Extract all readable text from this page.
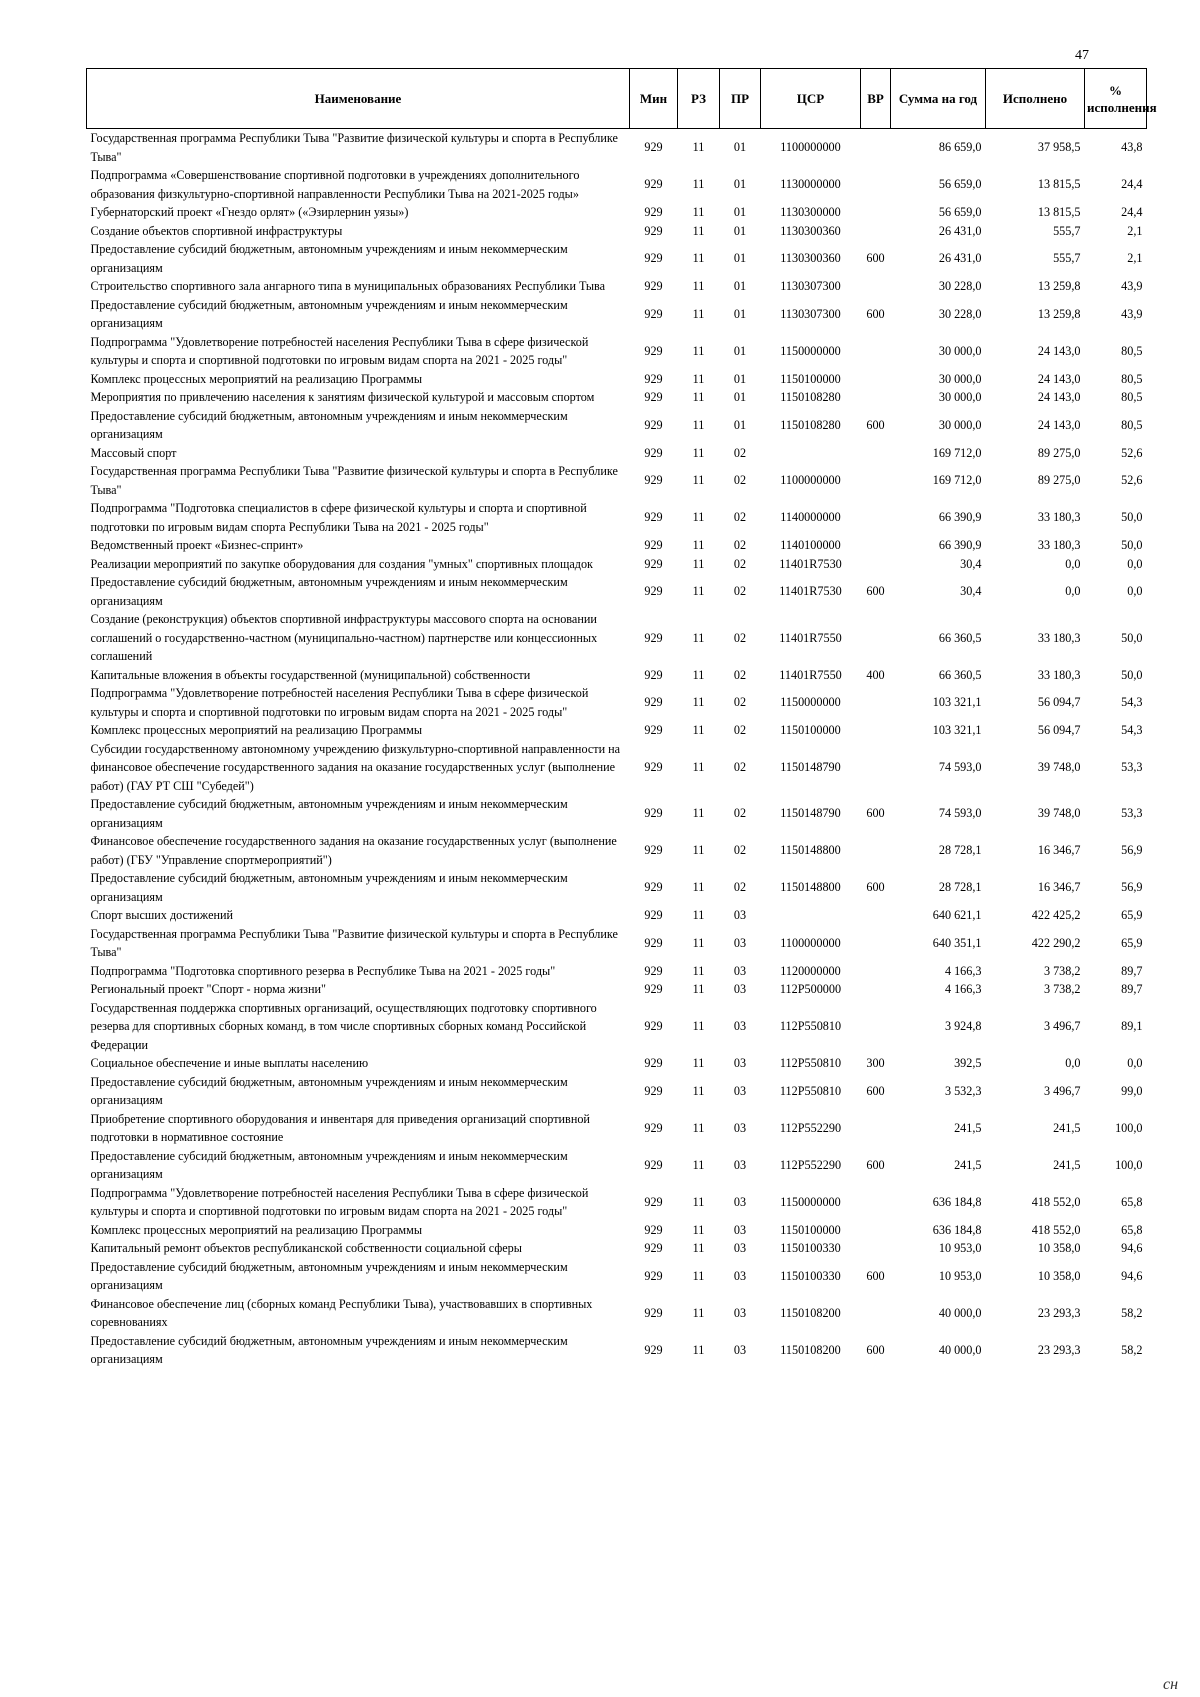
47
Наименование	Мин	РЗ	ПР	ЦСР	ВР	Сумма на год	Исполнено	% исполнения
Государственная программа Республики Тыва "Развитие физической культуры и спорта в Республике Тыва"	929	11	01	1100000000		86 659,0	37 958,5	43,8
Подпрограмма «Совершенствование спортивной подготовки в учреждениях дополнительного образования физкультурно-спортивной направленности Республики Тыва на 2021-2025 годы»	929	11	01	1130000000		56 659,0	13 815,5	24,4
Губернаторский проект «Гнездо орлят» («Эзирлернин уязы»)	929	11	01	1130300000		56 659,0	13 815,5	24,4
Создание объектов спортивной инфраструктуры	929	11	01	1130300360		26 431,0	555,7	2,1
Предоставление субсидий бюджетным, автономным учреждениям и иным некоммерческим организациям	929	11	01	1130300360	600	26 431,0	555,7	2,1
Строительство спортивного зала ангарного типа в муниципальных образованиях Республики Тыва	929	11	01	1130307300		30 228,0	13 259,8	43,9
Предоставление субсидий бюджетным, автономным учреждениям и иным некоммерческим организациям	929	11	01	1130307300	600	30 228,0	13 259,8	43,9
Подпрограмма "Удовлетворение потребностей населения Республики Тыва в сфере физической культуры и спорта и спортивной подготовки по игровым видам спорта на 2021 - 2025 годы"	929	11	01	1150000000		30 000,0	24 143,0	80,5
Комплекс процессных мероприятий на реализацию Программы	929	11	01	1150100000		30 000,0	24 143,0	80,5
Мероприятия по привлечению населения к занятиям физической культурой и массовым спортом	929	11	01	1150108280		30 000,0	24 143,0	80,5
Предоставление субсидий бюджетным, автономным учреждениям и иным некоммерческим организациям	929	11	01	1150108280	600	30 000,0	24 143,0	80,5
Массовый спорт	929	11	02			169 712,0	89 275,0	52,6
Государственная программа Республики Тыва "Развитие физической культуры и спорта в Республике Тыва"	929	11	02	1100000000		169 712,0	89 275,0	52,6
Подпрограмма "Подготовка специалистов в сфере физической культуры и спорта и спортивной подготовки по игровым видам спорта Республики Тыва на 2021 - 2025 годы"	929	11	02	1140000000		66 390,9	33 180,3	50,0
Ведомственный проект «Бизнес-спринт»	929	11	02	1140100000		66 390,9	33 180,3	50,0
Реализации мероприятий по закупке оборудования для создания "умных" спортивных площадок	929	11	02	11401R7530		30,4	0,0	0,0
Предоставление субсидий бюджетным, автономным учреждениям и иным некоммерческим организациям	929	11	02	11401R7530	600	30,4	0,0	0,0
Создание (реконструкция) объектов спортивной инфраструктуры массового спорта на основании соглашений о государственно-частном (муниципально-частном) партнерстве или концессионных соглашений	929	11	02	11401R7550		66 360,5	33 180,3	50,0
Капитальные вложения в объекты государственной (муниципальной) собственности	929	11	02	11401R7550	400	66 360,5	33 180,3	50,0
Подпрограмма "Удовлетворение потребностей населения Республики Тыва в сфере физической культуры и спорта и спортивной подготовки по игровым видам спорта на 2021 - 2025 годы"	929	11	02	1150000000		103 321,1	56 094,7	54,3
Комплекс процессных мероприятий на реализацию Программы	929	11	02	1150100000		103 321,1	56 094,7	54,3
Субсидии государственному автономному учреждению физкультурно-спортивной направленности на финансовое обеспечение государственного задания на оказание государственных услуг (выполнение работ) (ГАУ РТ СШ "Субедей")	929	11	02	1150148790		74 593,0	39 748,0	53,3
Предоставление субсидий бюджетным, автономным учреждениям и иным некоммерческим организациям	929	11	02	1150148790	600	74 593,0	39 748,0	53,3
Финансовое обеспечение государственного задания на оказание государственных услуг (выполнение работ) (ГБУ "Управление спортмероприятий")	929	11	02	1150148800		28 728,1	16 346,7	56,9
Предоставление субсидий бюджетным, автономным учреждениям и иным некоммерческим организациям	929	11	02	1150148800	600	28 728,1	16 346,7	56,9
Спорт высших достижений	929	11	03			640 621,1	422 425,2	65,9
Государственная программа Республики Тыва "Развитие физической культуры и спорта в Республике Тыва"	929	11	03	1100000000		640 351,1	422 290,2	65,9
Подпрограмма "Подготовка спортивного резерва в Республике Тыва на 2021 - 2025 годы"	929	11	03	1120000000		4 166,3	3 738,2	89,7
Региональный проект "Спорт - норма жизни"	929	11	03	112P500000		4 166,3	3 738,2	89,7
Государственная поддержка спортивных организаций, осуществляющих подготовку спортивного резерва для спортивных сборных команд, в том числе спортивных сборных команд Российской Федерации	929	11	03	112P550810		3 924,8	3 496,7	89,1
Социальное обеспечение и иные выплаты населению	929	11	03	112P550810	300	392,5	0,0	0,0
Предоставление субсидий бюджетным, автономным учреждениям и иным некоммерческим организациям	929	11	03	112P550810	600	3 532,3	3 496,7	99,0
Приобретение спортивного оборудования и инвентаря для приведения организаций спортивной подготовки в нормативное состояние	929	11	03	112P552290		241,5	241,5	100,0
Предоставление субсидий бюджетным, автономным учреждениям и иным некоммерческим организациям	929	11	03	112P552290	600	241,5	241,5	100,0
Подпрограмма "Удовлетворение потребностей населения Республики Тыва в сфере физической культуры и спорта и спортивной подготовки по игровым видам спорта на 2021 - 2025 годы"	929	11	03	1150000000		636 184,8	418 552,0	65,8
Комплекс процессных мероприятий на реализацию Программы	929	11	03	1150100000		636 184,8	418 552,0	65,8
Капитальный ремонт объектов республиканской собственности социальной сферы	929	11	03	1150100330		10 953,0	10 358,0	94,6
Предоставление субсидий бюджетным, автономным учреждениям и иным некоммерческим организациям	929	11	03	1150100330	600	10 953,0	10 358,0	94,6
Финансовое обеспечение лиц (сборных команд Республики Тыва), участвовавших в спортивных соревнованиях	929	11	03	1150108200		40 000,0	23 293,3	58,2
Предоставление субсидий бюджетным, автономным учреждениям и иным некоммерческим организациям	929	11	03	1150108200	600	40 000,0	23 293,3	58,2
сн
